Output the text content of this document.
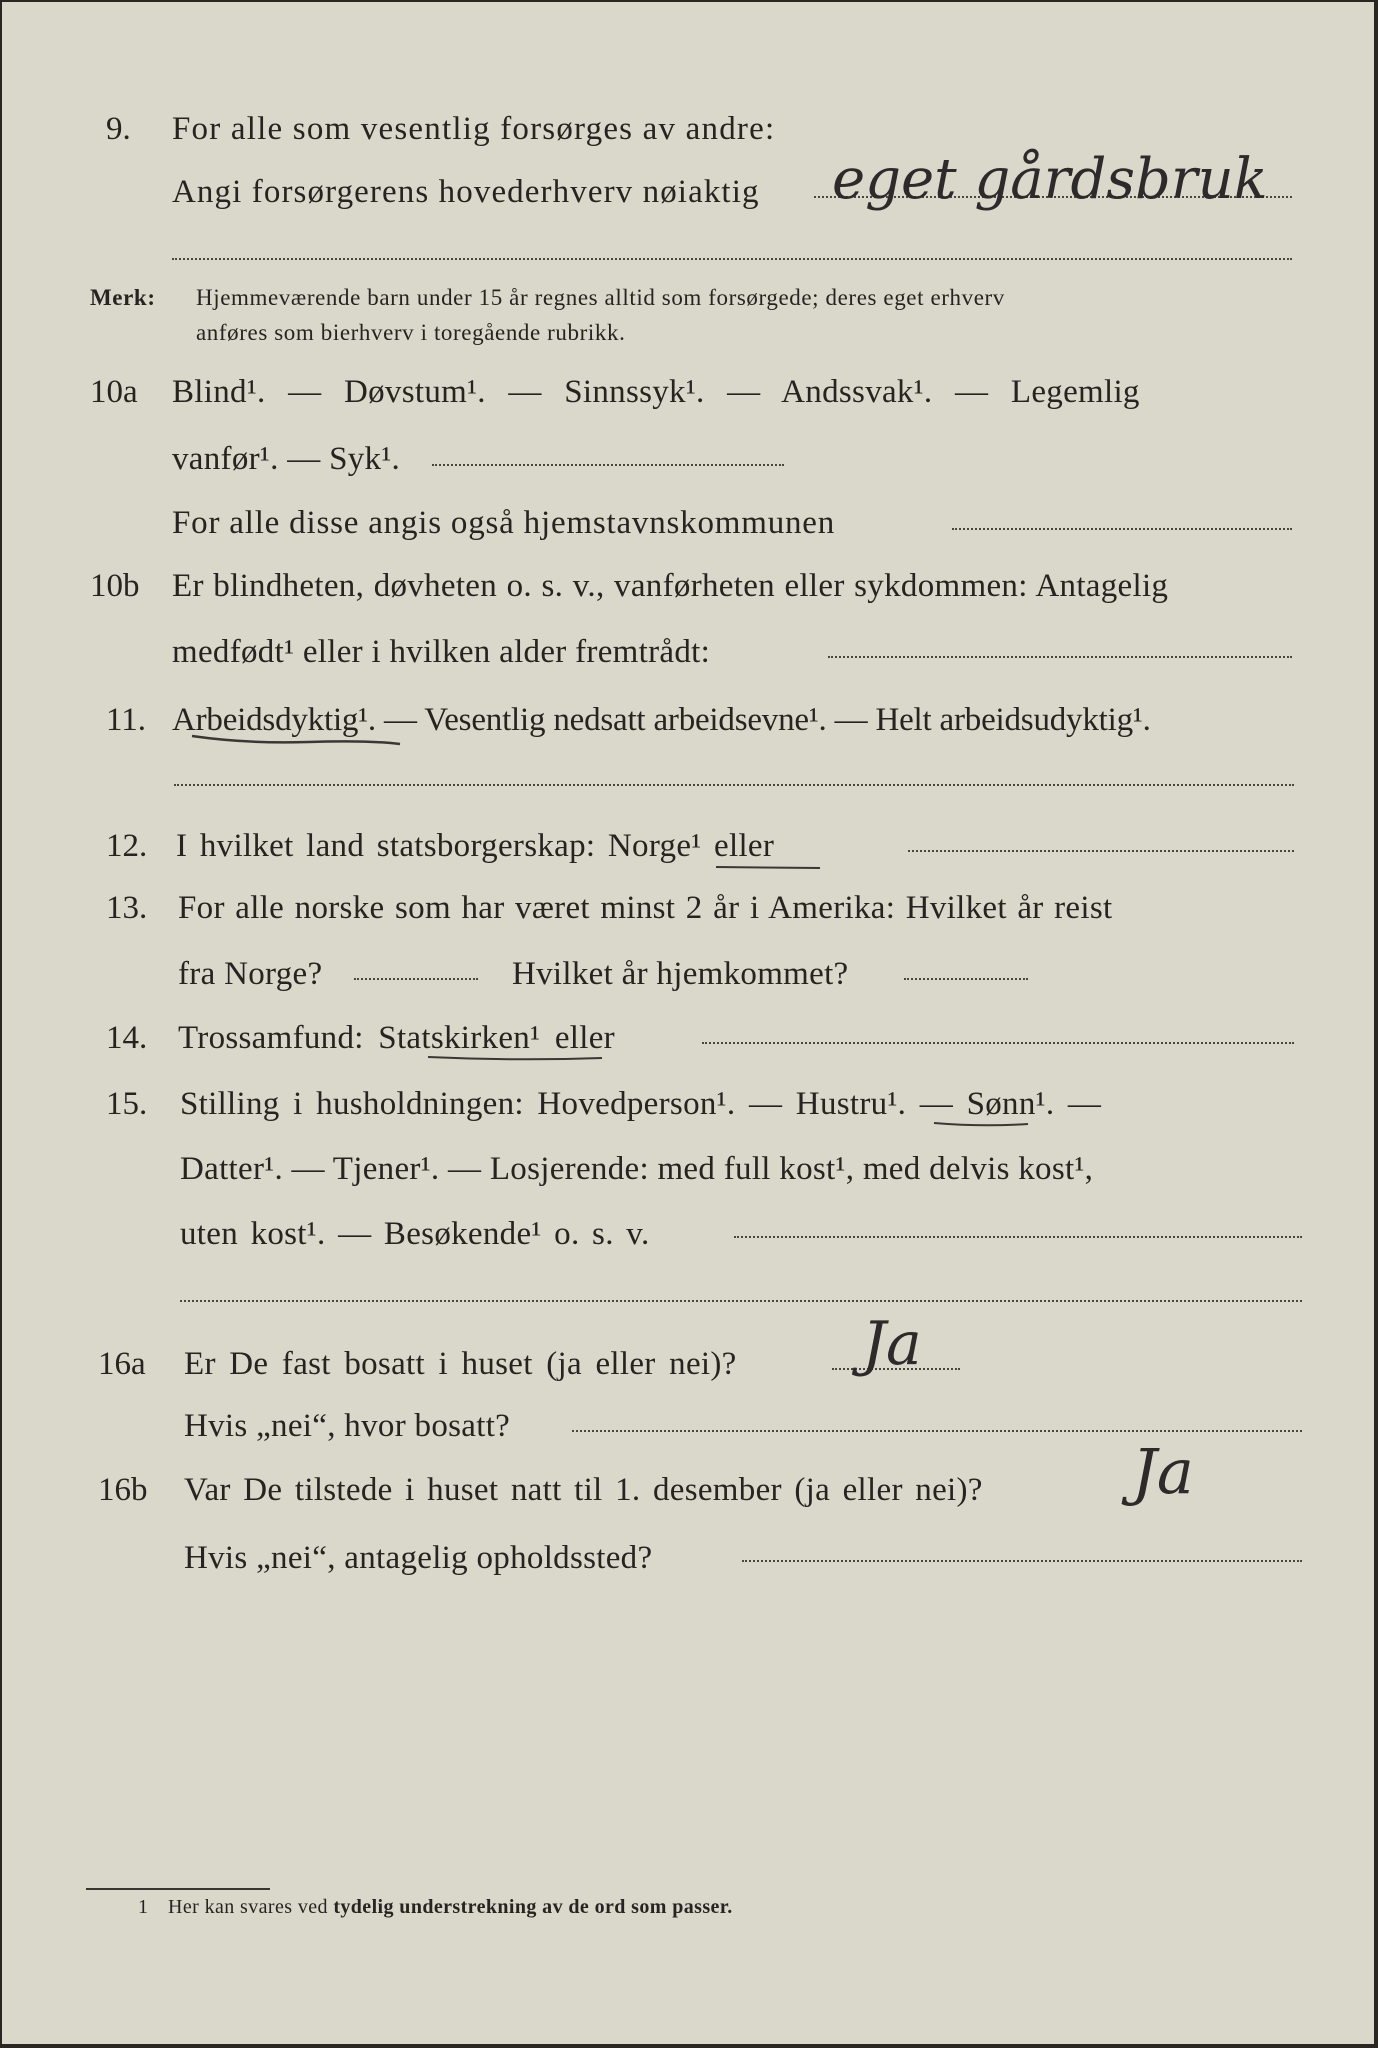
9. For alle som vesentlig forsørges av andre:
Angi forsørgerens hovederhverv nøiaktig eget gårdsbruk
Merk: Hjemmeværende barn under 15 år regnes alltid som forsørgede; deres eget erhverv
anføres som bierhverv i toregående rubrikk.
10a Blind¹. — Døvstum¹. — Sinnssyk¹. — Andssvak¹. — Legemlig
vanfør¹. — Syk¹.
For alle disse angis også hjemstavnskommunen
10b Er blindheten, døvheten o. s. v., vanførheten eller sykdommen: Antagelig
medfødt¹ eller i hvilken alder fremtrådt:
11. Arbeidsdyktig¹. — Vesentlig nedsatt arbeidsevne¹. — Helt arbeidsudyktig¹.
12. I hvilket land statsborgerskap: Norge¹ eller
13. For alle norske som har været minst 2 år i Amerika: Hvilket år reist
fra Norge?	Hvilket år hjemkommet?
14. Trossamfund: Statskirken¹ eller
15. Stilling i husholdningen: Hovedperson¹. — Hustru¹. — Sønn¹. —
Datter¹. — Tjener¹. — Losjerende: med full kost¹, med delvis kost¹,
uten kost¹. — Besøkende¹ o. s. v.
16a Er De fast bosatt i huset (ja eller nei)? Ja
Hvis „nei“, hvor bosatt?
16b Var De tilstede i huset natt til 1. desember (ja eller nei)? Ja
Hvis „nei“, antagelig opholdssted?
1 Her kan svares ved tydelig understrekning av de ord som passer.
